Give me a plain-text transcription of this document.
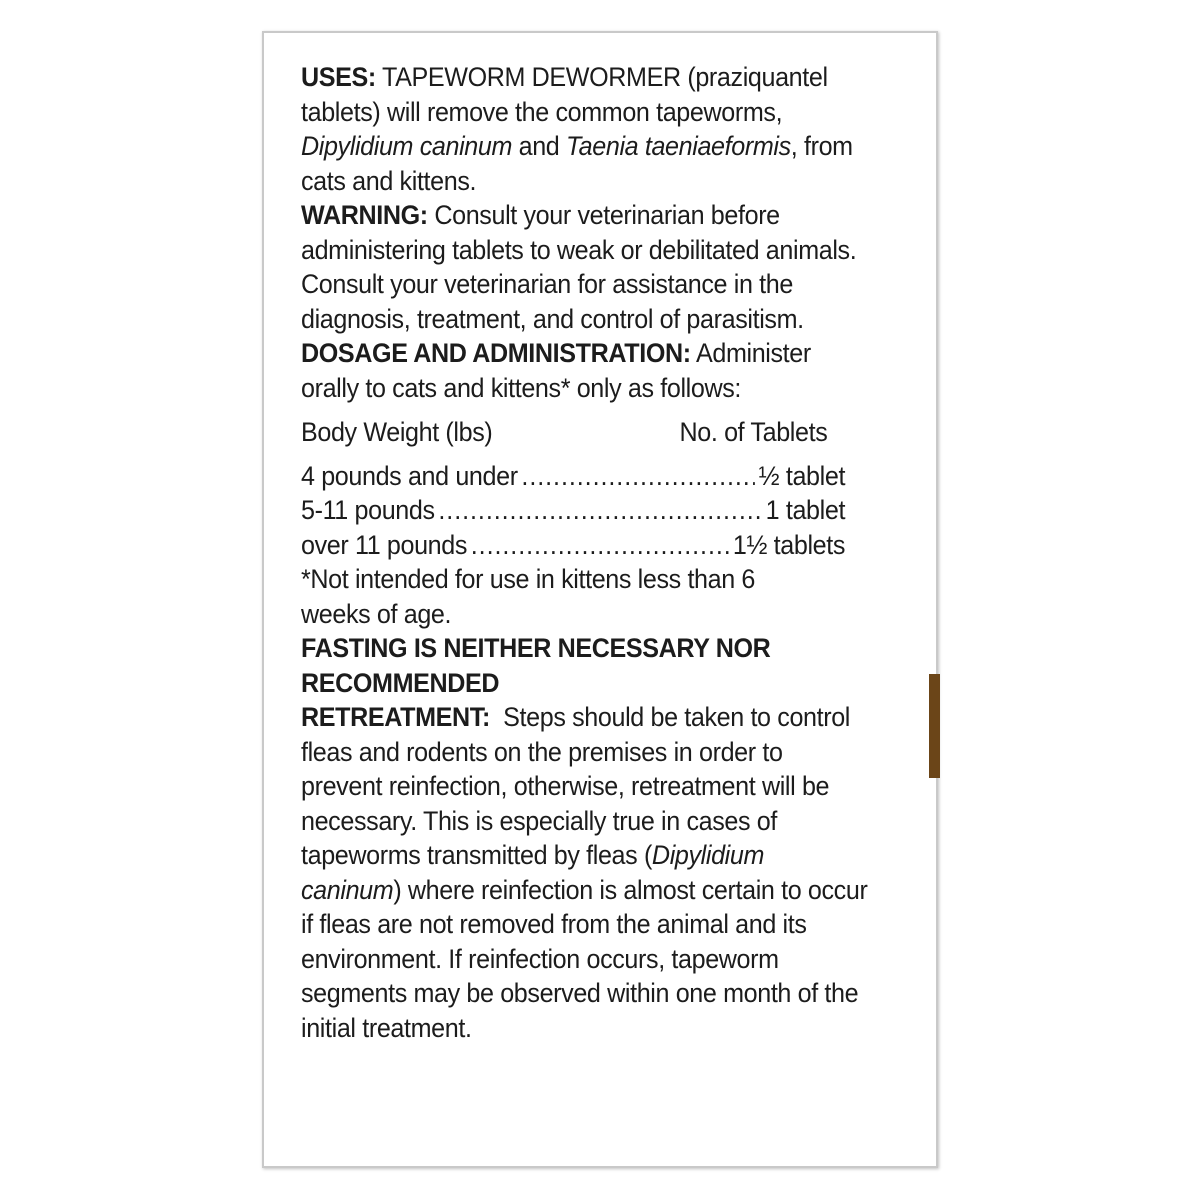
USES: TAPEWORM DEWORMER (praziquantel tablets) will remove the common tapeworms, Dipylidium caninum and Taenia taeniaeformis, from cats and kittens.

WARNING: Consult your veterinarian before administering tablets to weak or debilitated animals.

Consult your veterinarian for assistance in the diagnosis, treatment, and control of parasitism.

DOSAGE AND ADMINISTRATION: Administer orally to cats and kittens* only as follows:

Body Weight (lbs)	No. of Tablets
4 pounds and under .....	½ tablet
5-11 pounds .....	1 tablet
over 11 pounds .....	1½ tablets

*Not intended for use in kittens less than 6 weeks of age.

FASTING IS NEITHER NECESSARY NOR RECOMMENDED

RETREATMENT:  Steps should be taken to control fleas and rodents on the premises in order to prevent reinfection, otherwise, retreatment will be necessary. This is especially true in cases of tapeworms transmitted by fleas (Dipylidium caninum) where reinfection is almost certain to occur if fleas are not removed from the animal and its environment. If reinfection occurs, tapeworm segments may be observed within one month of the initial treatment.
